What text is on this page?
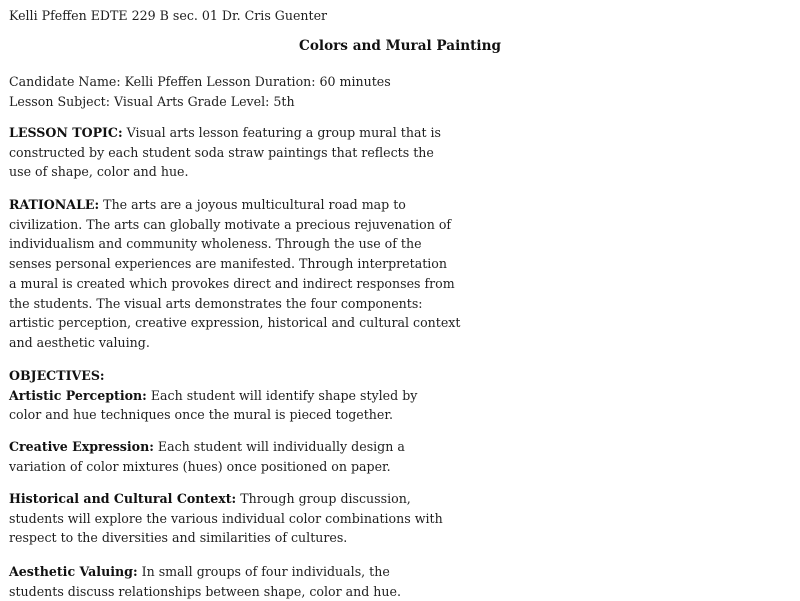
Kelli Pfeffen EDTE 229 B sec. 01 Dr. Cris Guenter
Colors and Mural Painting
Candidate Name: Kelli Pfeffen Lesson Duration: 60 minutes
Lesson Subject: Visual Arts Grade Level: 5th
LESSON TOPIC: Visual arts lesson featuring a group mural that is
constructed by each student soda straw paintings that reflects the
use of shape, color and hue.
RATIONALE: The arts are a joyous multicultural road map to
civilization. The arts can globally motivate a precious rejuvenation of
individualism and community wholeness. Through the use of the
senses personal experiences are manifested. Through interpretation
a mural is created which provokes direct and indirect responses from
the students. The visual arts demonstrates the four components:
artistic perception, creative expression, historical and cultural context
and aesthetic valuing.
OBJECTIVES:
Artistic Perception: Each student will identify shape styled by
color and hue techniques once the mural is pieced together.
Creative Expression: Each student will individually design a
variation of color mixtures (hues) once positioned on paper.
Historical and Cultural Context: Through group discussion,
students will explore the various individual color combinations with
respect to the diversities and similarities of cultures.
Aesthetic Valuing: In small groups of four individuals, the
students discuss relationships between shape, color and hue.
